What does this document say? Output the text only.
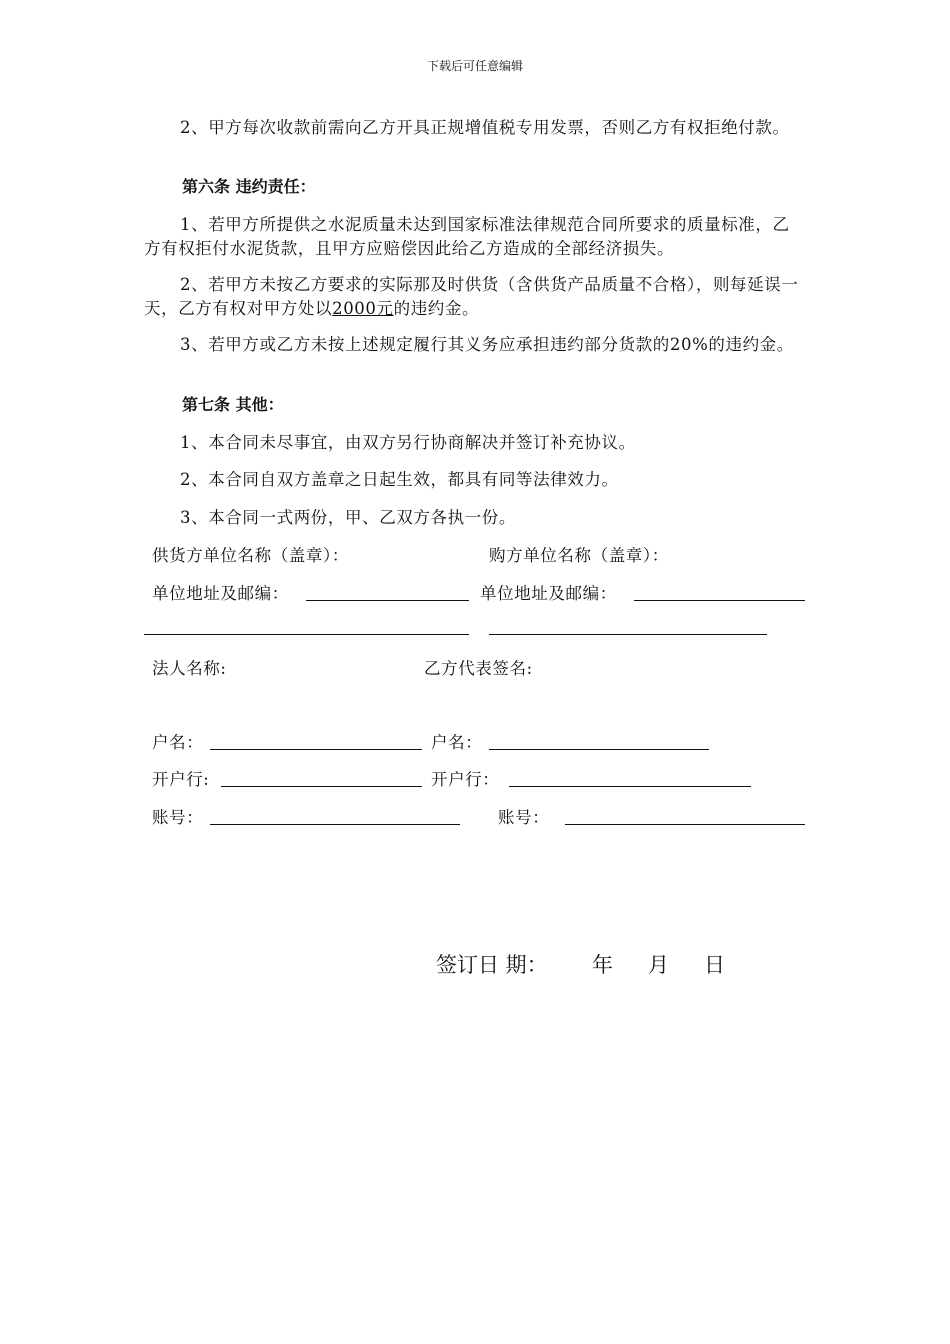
下载后可任意编辑

2、甲方每次收款前需向乙方开具正规增值税专用发票，否则乙方有权拒绝付款。

第六条 违约责任：

1、若甲方所提供之水泥质量未达到国家标准法律规范合同所要求的质量标准，乙方有权拒付水泥货款，且甲方应赔偿因此给乙方造成的全部经济损失。

2、若甲方未按乙方要求的实际那及时供货（含供货产品质量不合格），则每延误一天，乙方有权对甲方处以2000元的违约金。

3、若甲方或乙方未按上述规定履行其义务应承担违约部分货款的20%的违约金。

第七条 其他：

1、本合同未尽事宜，由双方另行协商解决并签订补充协议。

2、本合同自双方盖章之日起生效，都具有同等法律效力。

3、本合同一式两份，甲、乙双方各执一份。

供货方单位名称（盖章）：	购方单位名称（盖章）：
单位地址及邮编：	单位地址及邮编：
法人名称:	乙方代表签名:
户名：	户名：
开户行:	开户行：
账号：	账号：
签订日 期： 年 月 日
